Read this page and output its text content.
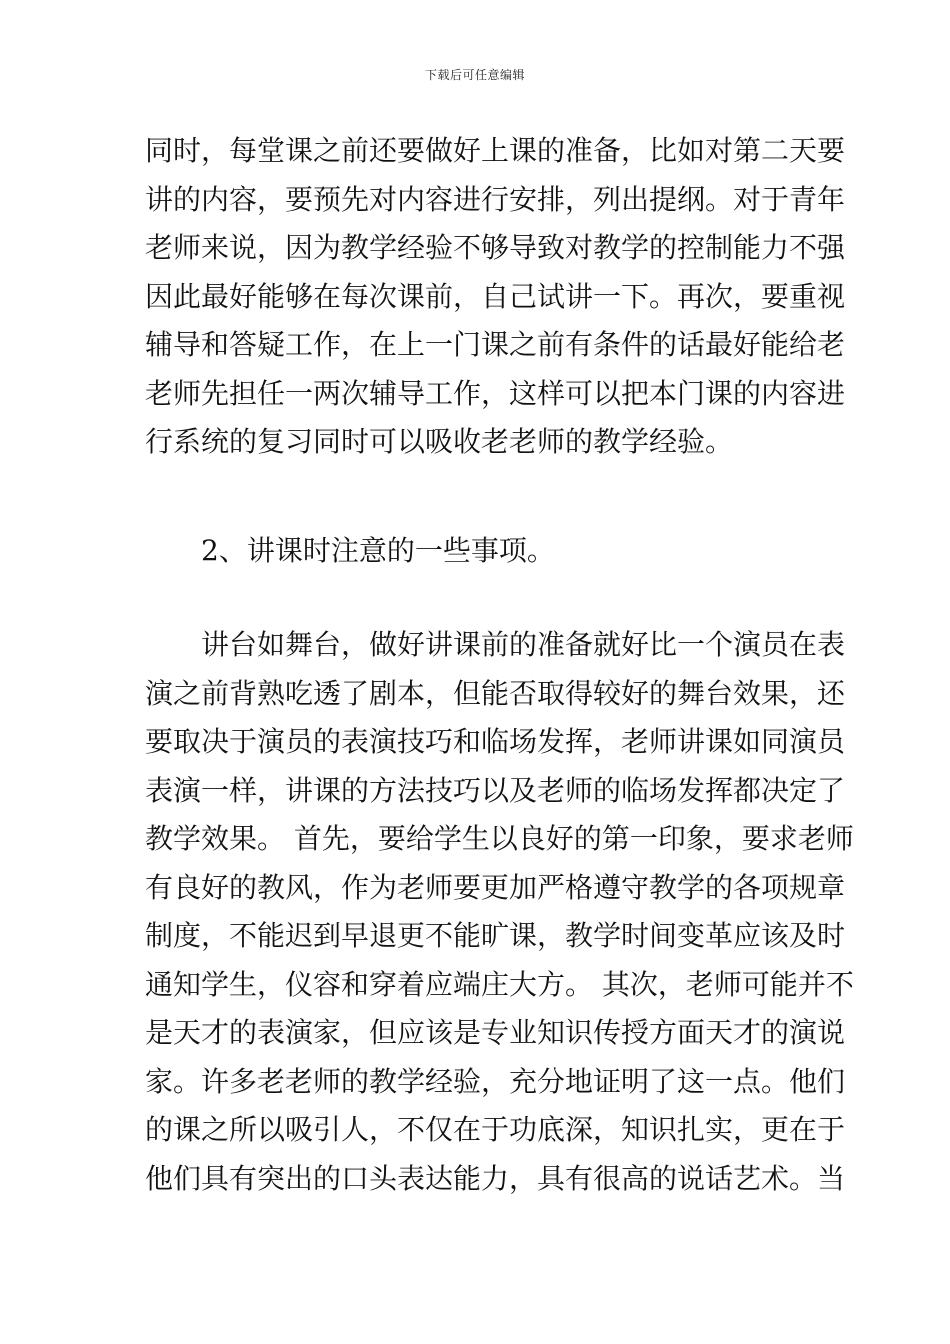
下载后可任意编辑
同时，每堂课之前还要做好上课的准备，比如对第二天要
讲的内容，要预先对内容进行安排，列出提纲。对于青年
老师来说，因为教学经验不够导致对教学的控制能力不强
因此最好能够在每次课前，自己试讲一下。再次，要重视
辅导和答疑工作，在上一门课之前有条件的话最好能给老
老师先担任一两次辅导工作，这样可以把本门课的内容进
行系统的复习同时可以吸收老老师的教学经验。
2、讲课时注意的一些事项。
讲台如舞台，做好讲课前的准备就好比一个演员在表
演之前背熟吃透了剧本，但能否取得较好的舞台效果，还
要取决于演员的表演技巧和临场发挥，老师讲课如同演员
表演一样，讲课的方法技巧以及老师的临场发挥都决定了
教学效果。 首先，要给学生以良好的第一印象，要求老师
有良好的教风，作为老师要更加严格遵守教学的各项规章
制度，不能迟到早退更不能旷课，教学时间变革应该及时
通知学生，仪容和穿着应端庄大方。 其次，老师可能并不
是天才的表演家，但应该是专业知识传授方面天才的演说
家。许多老老师的教学经验，充分地证明了这一点。他们
的课之所以吸引人，不仅在于功底深，知识扎实，更在于
他们具有突出的口头表达能力，具有很高的说话艺术。当
